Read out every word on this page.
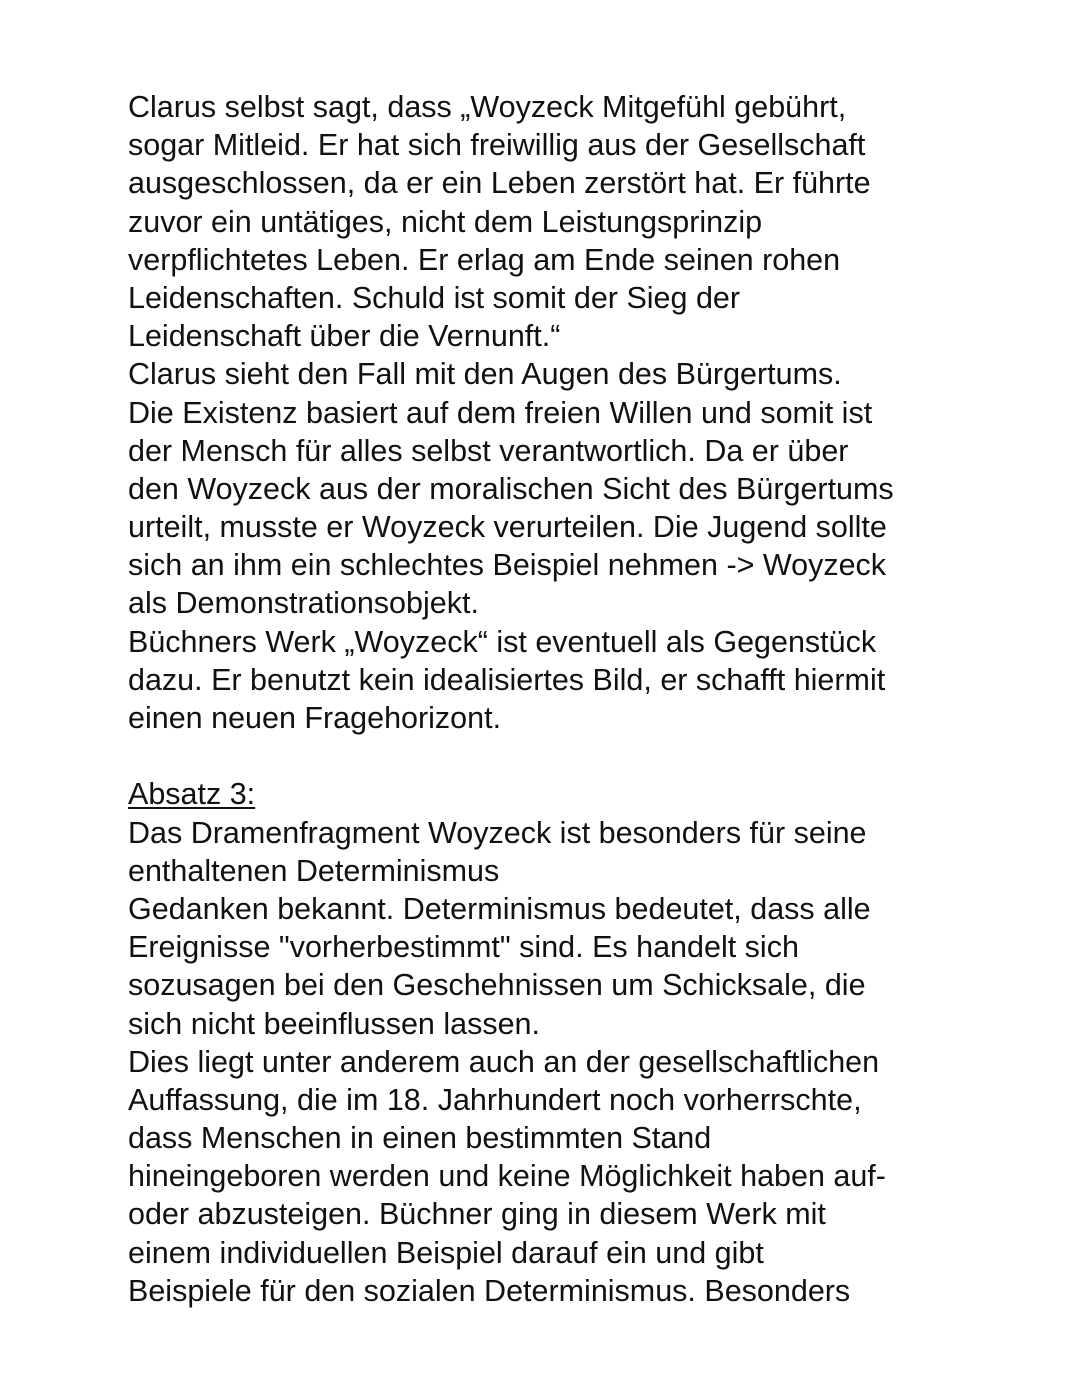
Clarus selbst sagt, dass „Woyzeck Mitgefühl gebührt,
sogar Mitleid. Er hat sich freiwillig aus der Gesellschaft
ausgeschlossen, da er ein Leben zerstört hat. Er führte
zuvor ein untätiges, nicht dem Leistungsprinzip
verpflichtetes Leben. Er erlag am Ende seinen rohen
Leidenschaften. Schuld ist somit der Sieg der
Leidenschaft über die Vernunft.“
Clarus sieht den Fall mit den Augen des Bürgertums.
Die Existenz basiert auf dem freien Willen und somit ist
der Mensch für alles selbst verantwortlich. Da er über
den Woyzeck aus der moralischen Sicht des Bürgertums
urteilt, musste er Woyzeck verurteilen. Die Jugend sollte
sich an ihm ein schlechtes Beispiel nehmen -> Woyzeck
als Demonstrationsobjekt.
Büchners Werk „Woyzeck“ ist eventuell als Gegenstück
dazu. Er benutzt kein idealisiertes Bild, er schafft hiermit
einen neuen Fragehorizont.
Absatz 3:
Das Dramenfragment Woyzeck ist besonders für seine
enthaltenen Determinismus
Gedanken bekannt. Determinismus bedeutet, dass alle
Ereignisse "vorherbestimmt" sind. Es handelt sich
sozusagen bei den Geschehnissen um Schicksale, die
sich nicht beeinflussen lassen.
Dies liegt unter anderem auch an der gesellschaftlichen
Auffassung, die im 18. Jahrhundert noch vorherrschte,
dass Menschen in einen bestimmten Stand
hineingeboren werden und keine Möglichkeit haben auf-
oder abzusteigen. Büchner ging in diesem Werk mit
einem individuellen Beispiel darauf ein und gibt
Beispiele für den sozialen Determinismus. Besonders
